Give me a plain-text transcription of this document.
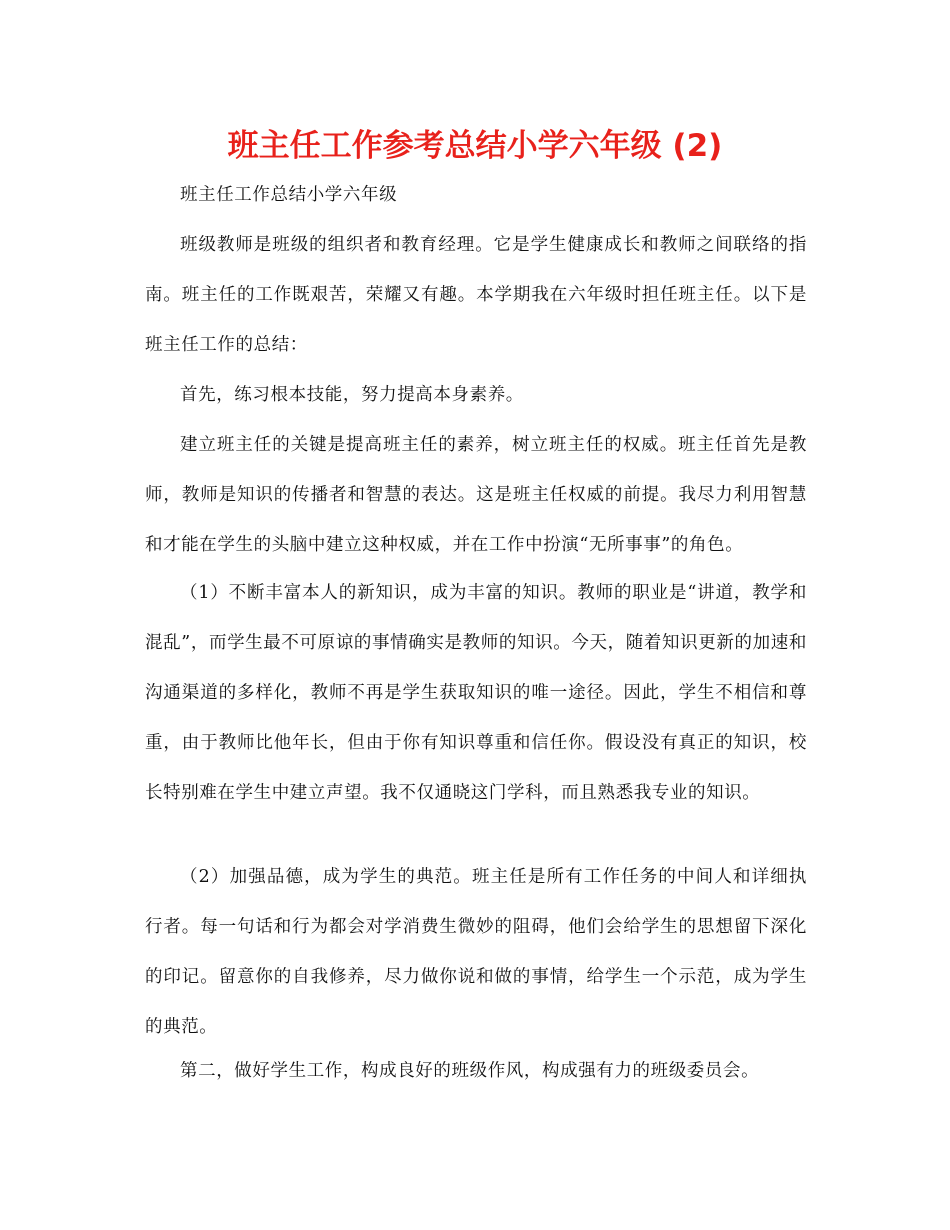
班主任工作参考总结小学六年级 (2)

班主任工作总结小学六年级

班级教师是班级的组织者和教育经理。它是学生健康成长和教师之间联络的指南。班主任的工作既艰苦，荣耀又有趣。本学期我在六年级时担任班主任。以下是班主任工作的总结：

首先，练习根本技能，努力提高本身素养。

建立班主任的关键是提高班主任的素养，树立班主任的权威。班主任首先是教师，教师是知识的传播者和智慧的表达。这是班主任权威的前提。我尽力利用智慧和才能在学生的头脑中建立这种权威，并在工作中扮演“无所事事”的角色。

（1）不断丰富本人的新知识，成为丰富的知识。教师的职业是“讲道，教学和混乱”，而学生最不可原谅的事情确实是教师的知识。今天，随着知识更新的加速和沟通渠道的多样化，教师不再是学生获取知识的唯一途径。因此，学生不相信和尊重，由于教师比他年长，但由于你有知识尊重和信任你。假设没有真正的知识，校长特别难在学生中建立声望。我不仅通晓这门学科，而且熟悉我专业的知识。

（2）加强品德，成为学生的典范。班主任是所有工作任务的中间人和详细执行者。每一句话和行为都会对学消费生微妙的阻碍，他们会给学生的思想留下深化的印记。留意你的自我修养，尽力做你说和做的事情，给学生一个示范，成为学生的典范。

第二，做好学生工作，构成良好的班级作风，构成强有力的班级委员会。
